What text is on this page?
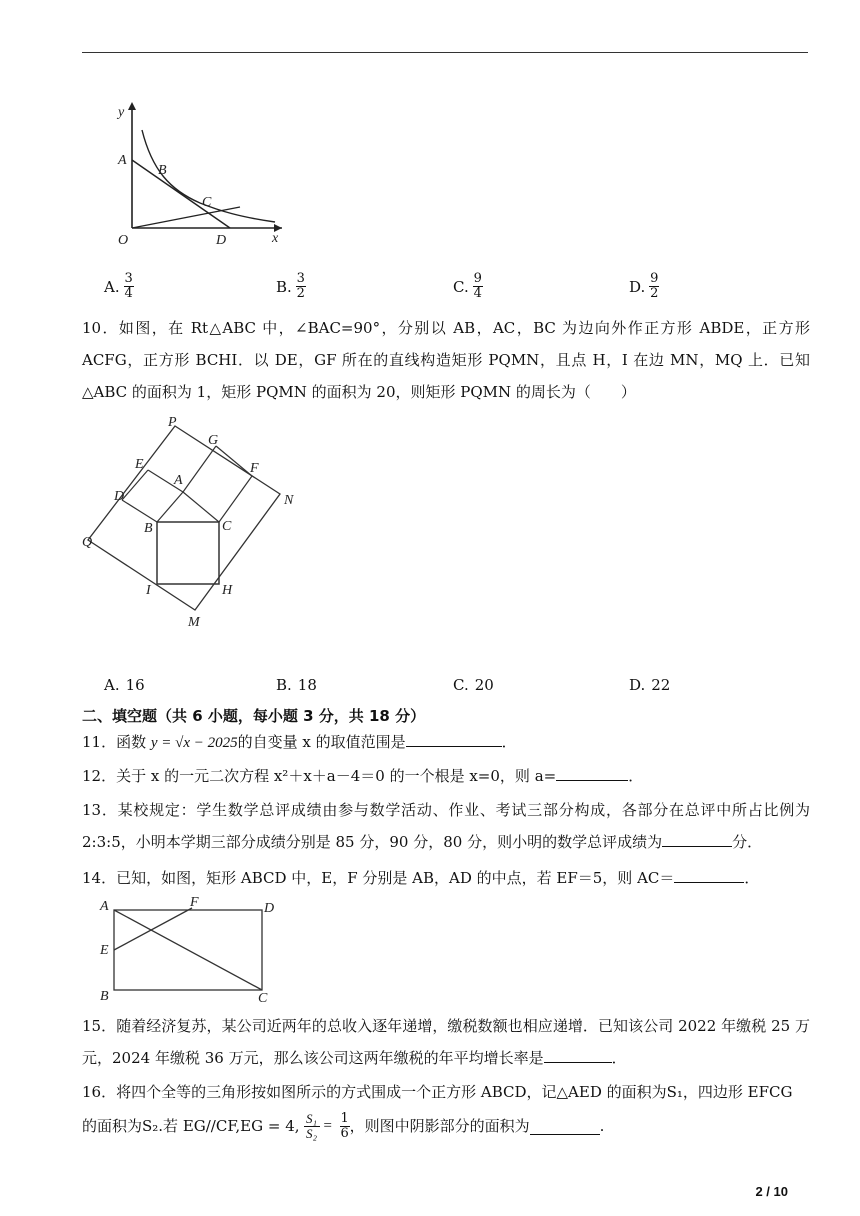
y
x
A
B
C
O	D
A. $\frac{3}{4}$	B. $\frac{3}{2}$	C. $\frac{9}{4}$	D. $\frac{9}{2}$
10．如图，在 Rt△ABC 中，∠BAC=90°，分别以 AB，AC，BC 为边向外作正方形 ABDE，正方形 ACFG，正方形 BCHI．以 DE，GF 所在的直线构造矩形 PQMN，且点 H，I 在边 MN，MQ 上．已知△ABC 的面积为 1，矩形 PQMN 的面积为 20，则矩形 PQMN 的周长为（　　）
P
G
E
A
F
D	N
B	C
Q
I	H
M
A. 16	B. 18	C. 20	D. 22
二、填空题（共 6 小题，每小题 3 分，共 18 分）
11．函数 y = √x − 2025的自变量 x 的取值范围是	．
12．关于 x 的一元二次方程 x²＋x＋a－4＝0 的一个根是 x=0，则 a=	．
13．某校规定：学生数学总评成绩由参与数学活动、作业、考试三部分构成，各部分在总评中所占比例为 2:3:5，小明本学期三部分成绩分别是 85 分，90 分，80 分，则小明的数学总评成绩为	分．
14．已知，如图，矩形 ABCD 中，E，F 分别是 AB，AD 的中点，若 EF＝5，则 AC＝	．
A	F	D
E
B	C
15．随着经济复苏，某公司近两年的总收入逐年递增，缴税数额也相应递增．已知该公司 2022 年缴税 25 万元，2024 年缴税 36 万元，那么该公司这两年缴税的年平均增长率是	．
16．将四个全等的三角形按如图所示的方式围成一个正方形 ABCD，记△AED 的面积为S₁，四边形 EFCG
的面积为S₂.若 EG//CF,EG = 4, $\frac{\text{S₁}}{\text{S₂}} = \frac{1}{6}$ ，则图中阴影部分的面积为	.
2 / 10
